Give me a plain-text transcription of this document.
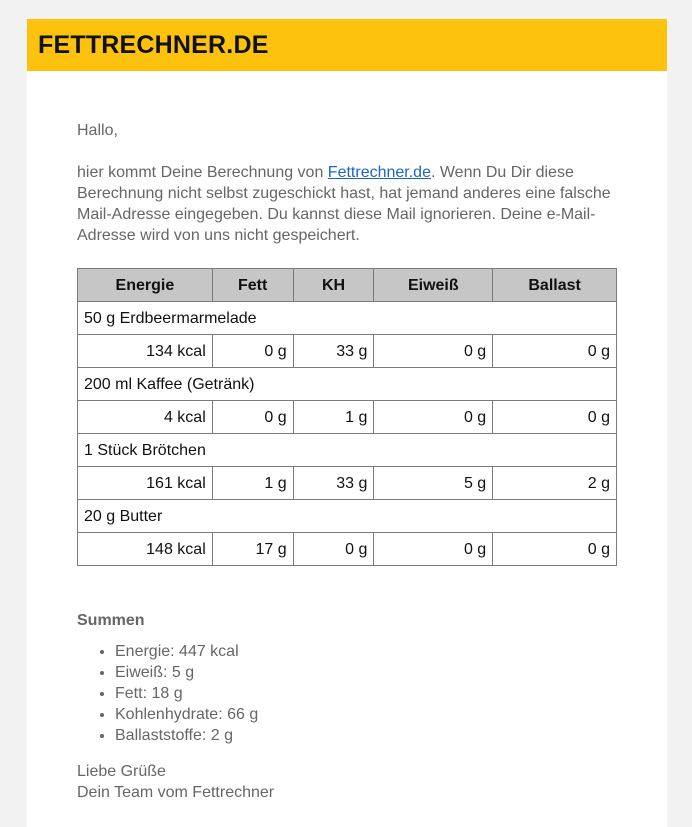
FETTRECHNER.DE

Hallo,

hier kommt Deine Berechnung von Fettrechner.de. Wenn Du Dir diese Berechnung nicht selbst zugeschickt hast, hat jemand anderes eine falsche Mail-Adresse eingegeben. Du kannst diese Mail ignorieren. Deine e-Mail-Adresse wird von uns nicht gespeichert.

Energie	Fett	KH	Eiweiß	Ballast
50 g Erdbeermarmelade				
134 kcal	0 g	33 g	0 g	0 g
200 ml Kaffee (Getränk)				
4 kcal	0 g	1 g	0 g	0 g
1 Stück Brötchen				
161 kcal	1 g	33 g	5 g	2 g
20 g Butter				
148 kcal	17 g	0 g	0 g	0 g

Summen

• Energie: 447 kcal
• Eiweiß: 5 g
• Fett: 18 g
• Kohlenhydrate: 66 g
• Ballaststoffe: 2 g

Liebe Grüße
Dein Team vom Fettrechner
